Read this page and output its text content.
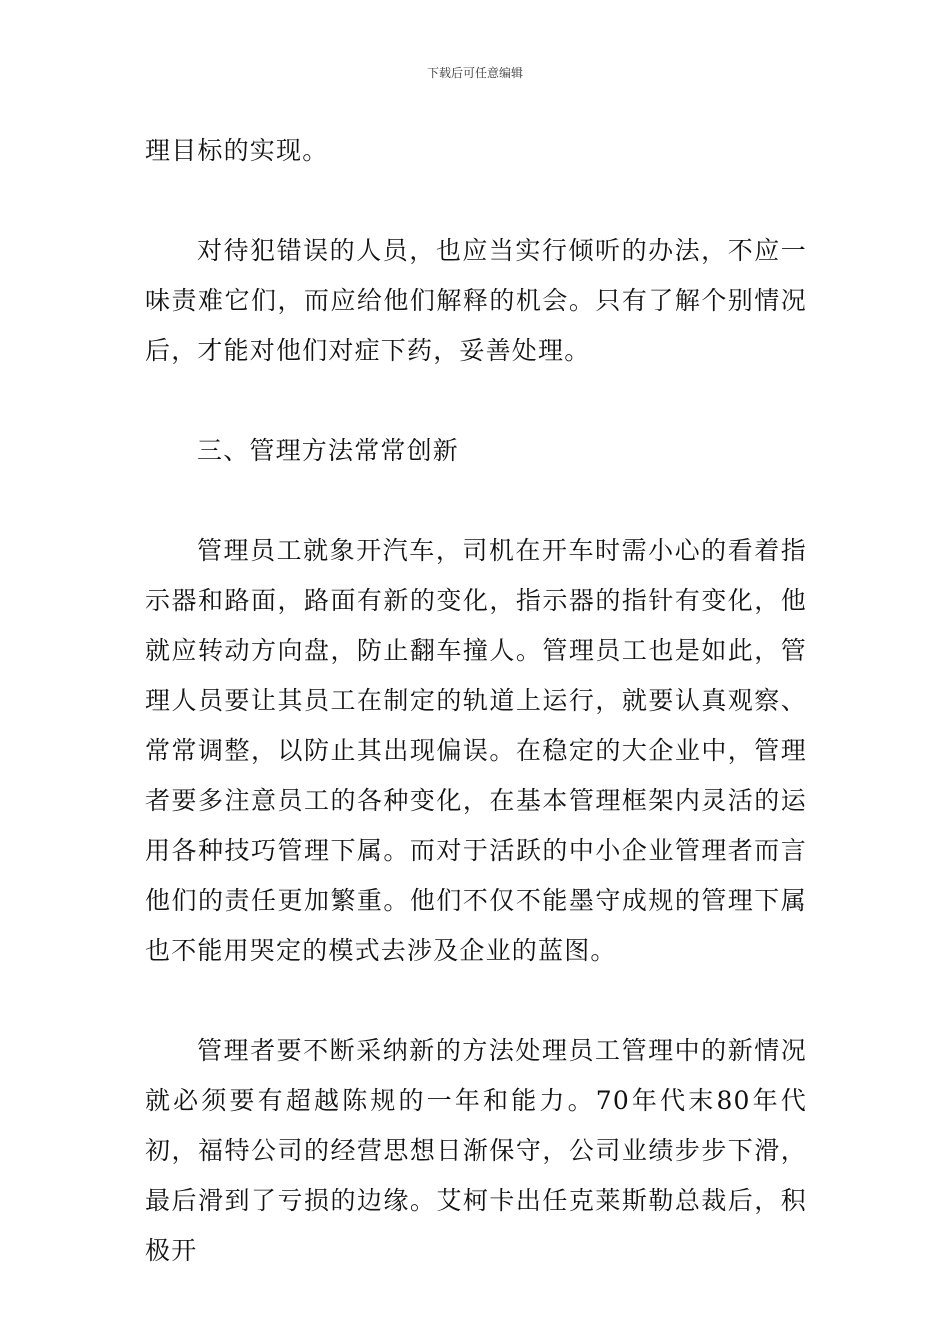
下载后可任意编辑

理目标的实现。

对待犯错误的人员，也应当实行倾听的办法，不应一味责难它们，而应给他们解释的机会。只有了解个别情况后，才能对他们对症下药，妥善处理。

三、管理方法常常创新

管理员工就象开汽车，司机在开车时需小心的看着指示器和路面，路面有新的变化，指示器的指针有变化，他就应转动方向盘，防止翻车撞人。管理员工也是如此，管理人员要让其员工在制定的轨道上运行，就要认真观察、常常调整，以防止其出现偏误。在稳定的大企业中，管理者要多注意员工的各种变化，在基本管理框架内灵活的运用各种技巧管理下属。而对于活跃的中小企业管理者而言他们的责任更加繁重。他们不仅不能墨守成规的管理下属也不能用哭定的模式去涉及企业的蓝图。

管理者要不断采纳新的方法处理员工管理中的新情况就必须要有超越陈规的一年和能力。70年代末80年代初，福特公司的经营思想日渐保守，公司业绩步步下滑，最后滑到了亏损的边缘。艾柯卡出任克莱斯勒总裁后，积极开
